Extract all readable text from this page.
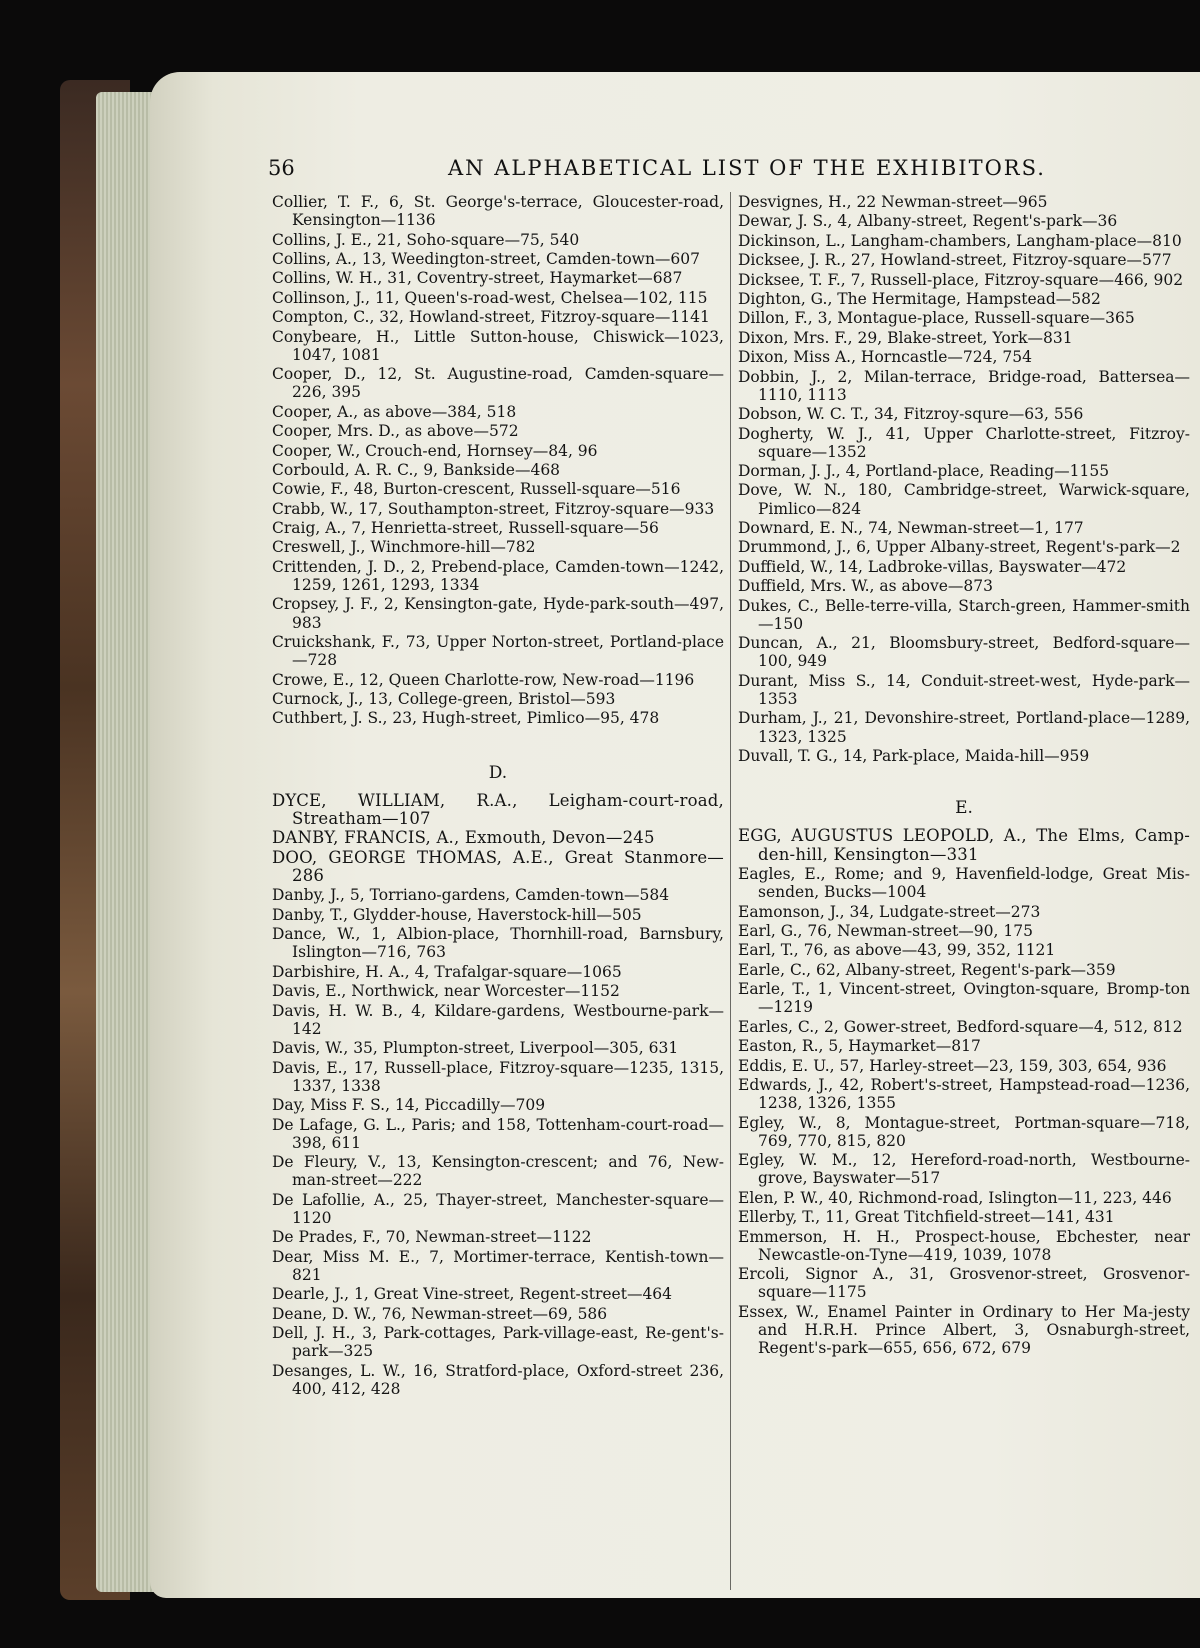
56	AN ALPHABETICAL LIST OF THE EXHIBITORS.

Collier, T. F., 6, St. George's-terrace, Gloucester-road, Kensington—1136

Collins, J. E., 21, Soho-square—75, 540

Collins, A., 13, Weedington-street, Camden-town—607

Collins, W. H., 31, Coventry-street, Haymarket—687

Collinson, J., 11, Queen's-road-west, Chelsea—102, 115

Compton, C., 32, Howland-street, Fitzroy-square—1141

Conybeare, H., Little Sutton-house, Chiswick—1023, 1047, 1081

Cooper, D., 12, St. Augustine-road, Camden-square—226, 395

Cooper, A., as above—384, 518

Cooper, Mrs. D., as above—572

Cooper, W., Crouch-end, Hornsey—84, 96

Corbould, A. R. C., 9, Bankside—468

Cowie, F., 48, Burton-crescent, Russell-square—516

Crabb, W., 17, Southampton-street, Fitzroy-square—933

Craig, A., 7, Henrietta-street, Russell-square—56

Creswell, J., Winchmore-hill—782

Crittenden, J. D., 2, Prebend-place, Camden-town—1242, 1259, 1261, 1293, 1334

Cropsey, J. F., 2, Kensington-gate, Hyde-park-south—497, 983

Cruickshank, F., 73, Upper Norton-street, Portland-place—728

Crowe, E., 12, Queen Charlotte-row, New-road—1196

Curnock, J., 13, College-green, Bristol—593

Cuthbert, J. S., 23, Hugh-street, Pimlico—95, 478

D.

DYCE, WILLIAM, R.A., Leigham-court-road, Streatham—107

DANBY, FRANCIS, A., Exmouth, Devon—245

DOO, GEORGE THOMAS, A.E., Great Stanmore—286

Danby, J., 5, Torriano-gardens, Camden-town—584

Danby, T., Glydder-house, Haverstock-hill—505

Dance, W., 1, Albion-place, Thornhill-road, Barnsbury, Islington—716, 763

Darbishire, H. A., 4, Trafalgar-square—1065

Davis, E., Northwick, near Worcester—1152

Davis, H. W. B., 4, Kildare-gardens, Westbourne-park—142

Davis, W., 35, Plumpton-street, Liverpool—305, 631

Davis, E., 17, Russell-place, Fitzroy-square—1235, 1315, 1337, 1338

Day, Miss F. S., 14, Piccadilly—709

De Lafage, G. L., Paris; and 158, Tottenham-court-road—398, 611

De Fleury, V., 13, Kensington-crescent; and 76, New-man-street—222

De Lafollie, A., 25, Thayer-street, Manchester-square—1120

De Prades, F., 70, Newman-street—1122

Dear, Miss M. E., 7, Mortimer-terrace, Kentish-town—821

Dearle, J., 1, Great Vine-street, Regent-street—464

Deane, D. W., 76, Newman-street—69, 586

Dell, J. H., 3, Park-cottages, Park-village-east, Re-gent's-park—325

Desanges, L. W., 16, Stratford-place, Oxford-street 236, 400, 412, 428

Desvignes, H., 22 Newman-street—965

Dewar, J. S., 4, Albany-street, Regent's-park—36

Dickinson, L., Langham-chambers, Langham-place—810

Dicksee, J. R., 27, Howland-street, Fitzroy-square—577

Dicksee, T. F., 7, Russell-place, Fitzroy-square—466, 902

Dighton, G., The Hermitage, Hampstead—582

Dillon, F., 3, Montague-place, Russell-square—365

Dixon, Mrs. F., 29, Blake-street, York—831

Dixon, Miss A., Horncastle—724, 754

Dobbin, J., 2, Milan-terrace, Bridge-road, Battersea—1110, 1113

Dobson, W. C. T., 34, Fitzroy-squre—63, 556

Dogherty, W. J., 41, Upper Charlotte-street, Fitzroy-square—1352

Dorman, J. J., 4, Portland-place, Reading—1155

Dove, W. N., 180, Cambridge-street, Warwick-square, Pimlico—824

Downard, E. N., 74, Newman-street—1, 177

Drummond, J., 6, Upper Albany-street, Regent's-park—2

Duffield, W., 14, Ladbroke-villas, Bayswater—472

Duffield, Mrs. W., as above—873

Dukes, C., Belle-terre-villa, Starch-green, Hammer-smith—150

Duncan, A., 21, Bloomsbury-street, Bedford-square—100, 949

Durant, Miss S., 14, Conduit-street-west, Hyde-park—1353

Durham, J., 21, Devonshire-street, Portland-place—1289, 1323, 1325

Duvall, T. G., 14, Park-place, Maida-hill—959

E.

EGG, AUGUSTUS LEOPOLD, A., The Elms, Camp-den-hill, Kensington—331

Eagles, E., Rome; and 9, Havenfield-lodge, Great Mis-senden, Bucks—1004

Eamonson, J., 34, Ludgate-street—273

Earl, G., 76, Newman-street—90, 175

Earl, T., 76, as above—43, 99, 352, 1121

Earle, C., 62, Albany-street, Regent's-park—359

Earle, T., 1, Vincent-street, Ovington-square, Bromp-ton—1219

Earles, C., 2, Gower-street, Bedford-square—4, 512, 812

Easton, R., 5, Haymarket—817

Eddis, E. U., 57, Harley-street—23, 159, 303, 654, 936

Edwards, J., 42, Robert's-street, Hampstead-road—1236, 1238, 1326, 1355

Egley, W., 8, Montague-street, Portman-square—718, 769, 770, 815, 820

Egley, W. M., 12, Hereford-road-north, Westbourne-grove, Bayswater—517

Elen, P. W., 40, Richmond-road, Islington—11, 223, 446

Ellerby, T., 11, Great Titchfield-street—141, 431

Emmerson, H. H., Prospect-house, Ebchester, near Newcastle-on-Tyne—419, 1039, 1078

Ercoli, Signor A., 31, Grosvenor-street, Grosvenor-square—1175

Essex, W., Enamel Painter in Ordinary to Her Ma-jesty and H.R.H. Prince Albert, 3, Osnaburgh-street, Regent's-park—655, 656, 672, 679
